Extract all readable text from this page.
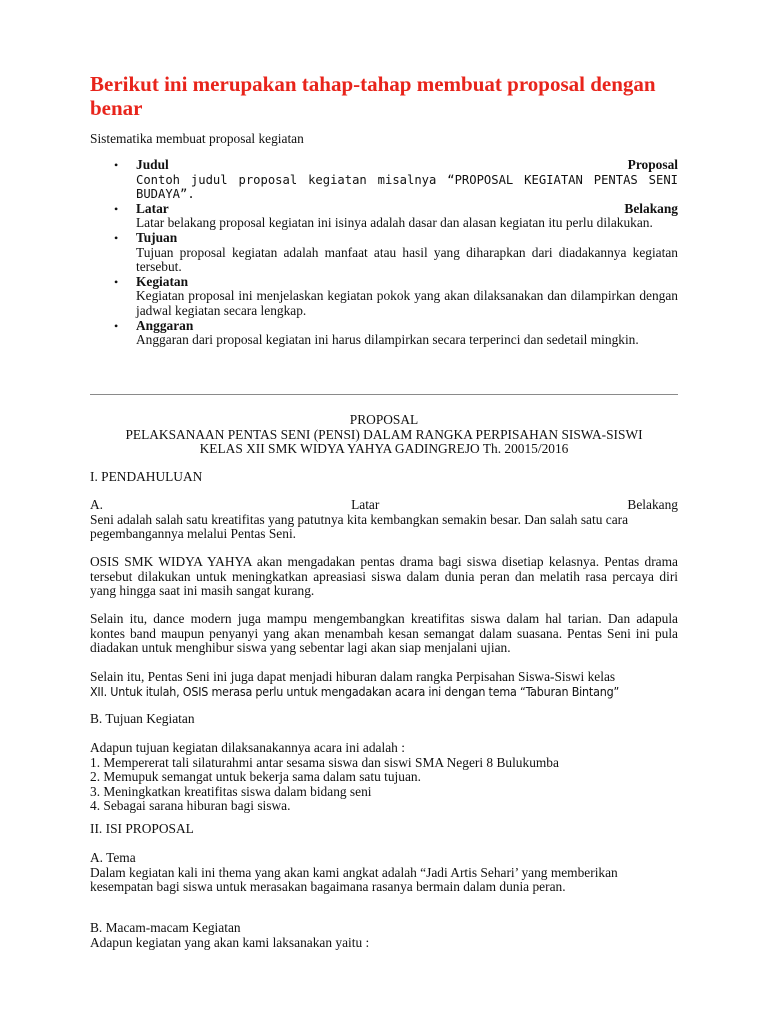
Berikut ini merupakan tahap-tahap membuat proposal dengan benar
Sistematika membuat proposal kegiatan
• Judul	Proposal
Contoh judul proposal kegiatan misalnya “PROPOSAL KEGIATAN PENTAS SENI BUDAYA”.
• Latar	Belakang
Latar belakang proposal kegiatan ini isinya adalah dasar dan alasan kegiatan itu perlu dilakukan.
• Tujuan
Tujuan proposal kegiatan adalah manfaat atau hasil yang diharapkan dari diadakannya kegiatan tersebut.
• Kegiatan
Kegiatan proposal ini menjelaskan kegiatan pokok yang akan dilaksanakan dan dilampirkan dengan jadwal kegiatan secara lengkap.
• Anggaran
Anggaran dari proposal kegiatan ini harus dilampirkan secara terperinci dan sedetail mingkin.
PROPOSAL
PELAKSANAAN PENTAS SENI (PENSI) DALAM RANGKA PERPISAHAN SISWA-SISWI
KELAS XII SMK WIDYA YAHYA GADINGREJO Th. 20015/2016
I. PENDAHULUAN
A.	Latar	Belakang
Seni adalah salah satu kreatifitas yang patutnya kita kembangkan semakin besar. Dan salah satu cara pegembangannya melalui Pentas Seni.
OSIS SMK WIDYA YAHYA akan mengadakan pentas drama bagi siswa disetiap kelasnya. Pentas drama tersebut dilakukan untuk meningkatkan apreasiasi siswa dalam dunia peran dan melatih rasa percaya diri yang hingga saat ini masih sangat kurang.
Selain itu, dance modern juga mampu mengembangkan kreatifitas siswa dalam hal tarian. Dan adapula kontes band maupun penyanyi yang akan menambah kesan semangat dalam suasana. Pentas Seni ini pula diadakan untuk menghibur siswa yang sebentar lagi akan siap menjalani ujian.
Selain itu, Pentas Seni ini juga dapat menjadi hiburan dalam rangka Perpisahan Siswa-Siswi kelas
XII. Untuk itulah, OSIS merasa perlu untuk mengadakan acara ini dengan tema “Taburan Bintang”
B. Tujuan Kegiatan
Adapun tujuan kegiatan dilaksanakannya acara ini adalah :
1. Mempererat tali silaturahmi antar sesama siswa dan siswi SMA Negeri 8 Bulukumba
2. Memupuk semangat untuk bekerja sama dalam satu tujuan.
3. Meningkatkan kreatifitas siswa dalam bidang seni
4. Sebagai sarana hiburan bagi siswa.
II. ISI PROPOSAL
A. Tema
Dalam kegiatan kali ini thema yang akan kami angkat adalah “Jadi Artis Sehari’ yang memberikan kesempatan bagi siswa untuk merasakan bagaimana rasanya bermain dalam dunia peran.
B. Macam-macam Kegiatan
Adapun kegiatan yang akan kami laksanakan yaitu :
